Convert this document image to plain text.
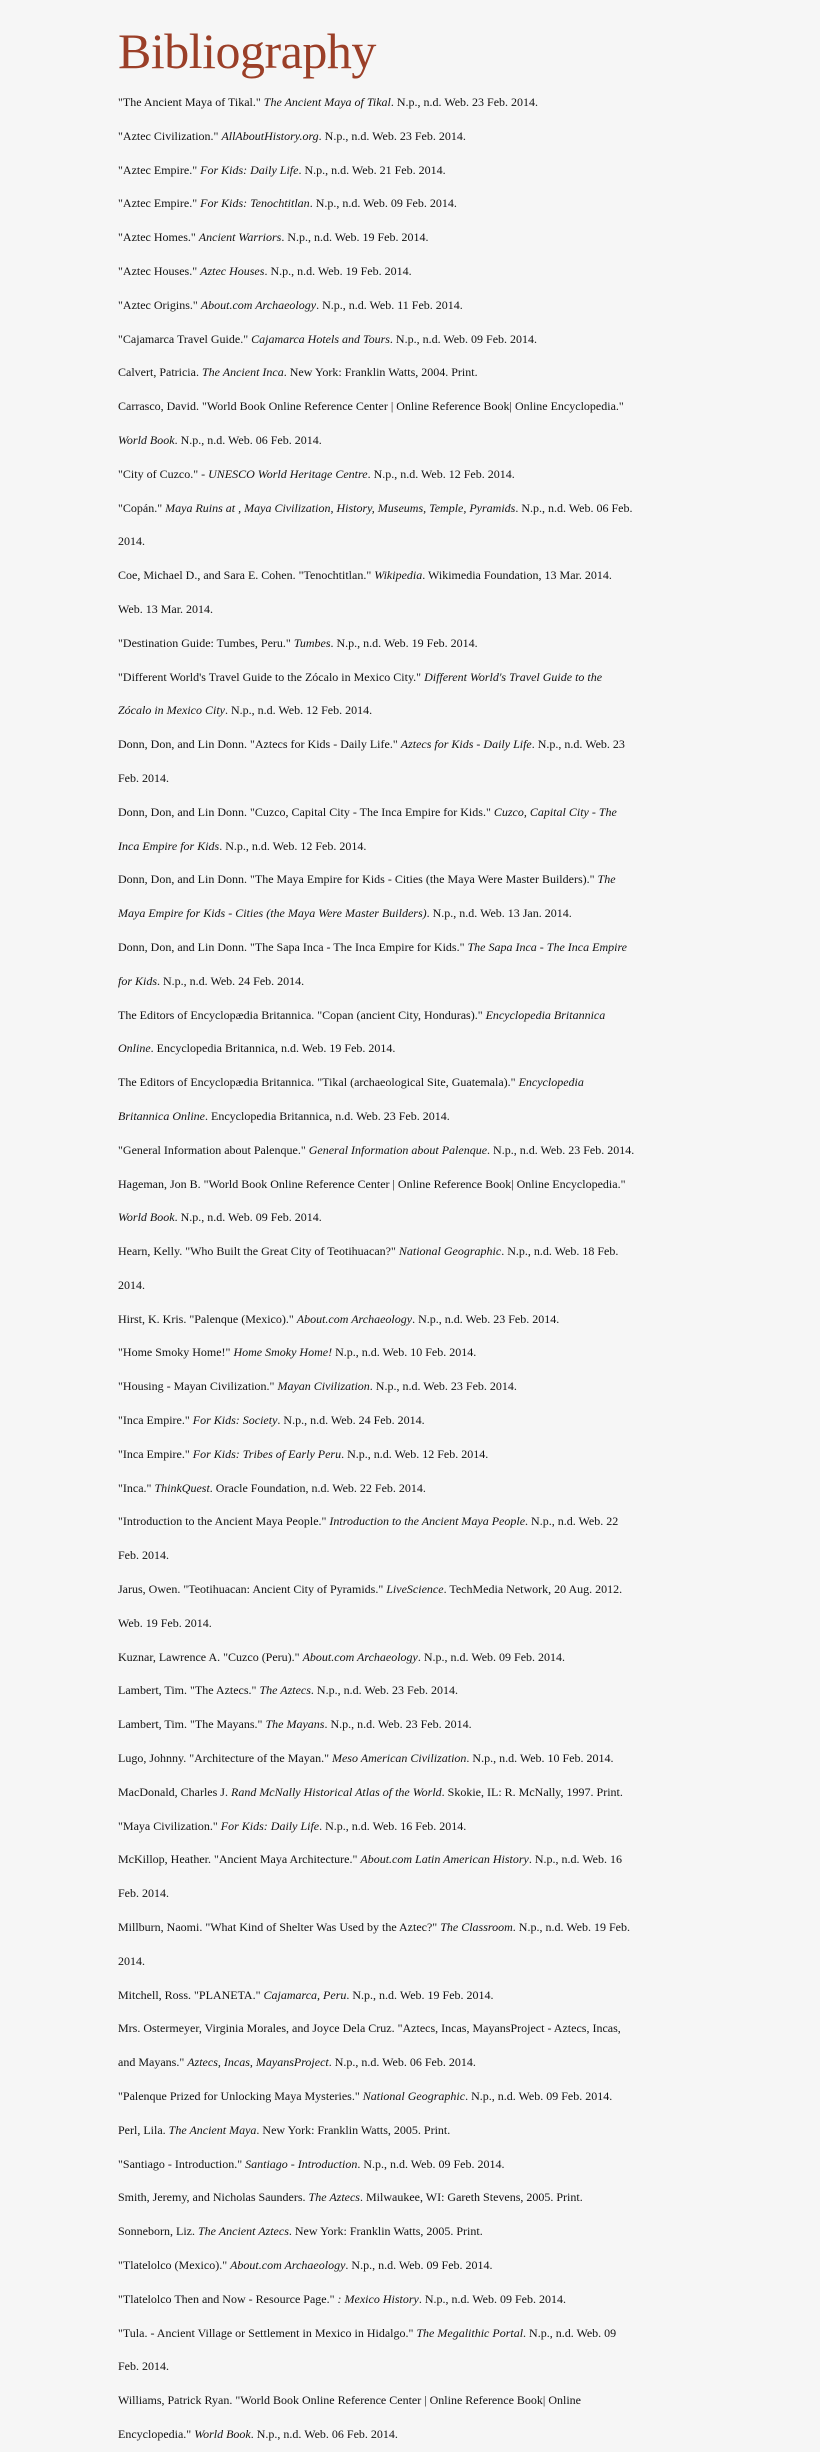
Bibliography

"The Ancient Maya of Tikal." The Ancient Maya of Tikal. N.p., n.d. Web. 23 Feb. 2014.

"Aztec Civilization." AllAboutHistory.org. N.p., n.d. Web. 23 Feb. 2014.

"Aztec Empire." For Kids: Daily Life. N.p., n.d. Web. 21 Feb. 2014.

"Aztec Empire." For Kids: Tenochtitlan. N.p., n.d. Web. 09 Feb. 2014.

"Aztec Homes." Ancient Warriors. N.p., n.d. Web. 19 Feb. 2014.

"Aztec Houses." Aztec Houses. N.p., n.d. Web. 19 Feb. 2014.

"Aztec Origins." About.com Archaeology. N.p., n.d. Web. 11 Feb. 2014.

"Cajamarca Travel Guide." Cajamarca Hotels and Tours. N.p., n.d. Web. 09 Feb. 2014.

Calvert, Patricia. The Ancient Inca. New York: Franklin Watts, 2004. Print.

Carrasco, David. "World Book Online Reference Center | Online Reference Book| Online Encyclopedia." World Book. N.p., n.d. Web. 06 Feb. 2014.

"City of Cuzco." - UNESCO World Heritage Centre. N.p., n.d. Web. 12 Feb. 2014.

"Copán." Maya Ruins at , Maya Civilization, History, Museums, Temple, Pyramids. N.p., n.d. Web. 06 Feb. 2014.

Coe, Michael D., and Sara E. Cohen. "Tenochtitlan." Wikipedia. Wikimedia Foundation, 13 Mar. 2014. Web. 13 Mar. 2014.

"Destination Guide: Tumbes, Peru." Tumbes. N.p., n.d. Web. 19 Feb. 2014.

"Different World's Travel Guide to the Zócalo in Mexico City." Different World's Travel Guide to the Zócalo in Mexico City. N.p., n.d. Web. 12 Feb. 2014.

Donn, Don, and Lin Donn. "Aztecs for Kids - Daily Life." Aztecs for Kids - Daily Life. N.p., n.d. Web. 23 Feb. 2014.

Donn, Don, and Lin Donn. "Cuzco, Capital City - The Inca Empire for Kids." Cuzco, Capital City - The Inca Empire for Kids. N.p., n.d. Web. 12 Feb. 2014.

Donn, Don, and Lin Donn. "The Maya Empire for Kids - Cities (the Maya Were Master Builders)." The Maya Empire for Kids - Cities (the Maya Were Master Builders). N.p., n.d. Web. 13 Jan. 2014.

Donn, Don, and Lin Donn. "The Sapa Inca - The Inca Empire for Kids." The Sapa Inca - The Inca Empire for Kids. N.p., n.d. Web. 24 Feb. 2014.

The Editors of Encyclopædia Britannica. "Copan (ancient City, Honduras)." Encyclopedia Britannica Online. Encyclopedia Britannica, n.d. Web. 19 Feb. 2014.

The Editors of Encyclopædia Britannica. "Tikal (archaeological Site, Guatemala)." Encyclopedia Britannica Online. Encyclopedia Britannica, n.d. Web. 23 Feb. 2014.

"General Information about Palenque." General Information about Palenque. N.p., n.d. Web. 23 Feb. 2014.

Hageman, Jon B. "World Book Online Reference Center | Online Reference Book| Online Encyclopedia." World Book. N.p., n.d. Web. 09 Feb. 2014.

Hearn, Kelly. "Who Built the Great City of Teotihuacan?" National Geographic. N.p., n.d. Web. 18 Feb. 2014.

Hirst, K. Kris. "Palenque (Mexico)." About.com Archaeology. N.p., n.d. Web. 23 Feb. 2014.

"Home Smoky Home!" Home Smoky Home! N.p., n.d. Web. 10 Feb. 2014.

"Housing - Mayan Civilization." Mayan Civilization. N.p., n.d. Web. 23 Feb. 2014.

"Inca Empire." For Kids: Society. N.p., n.d. Web. 24 Feb. 2014.

"Inca Empire." For Kids: Tribes of Early Peru. N.p., n.d. Web. 12 Feb. 2014.

"Inca." ThinkQuest. Oracle Foundation, n.d. Web. 22 Feb. 2014.

"Introduction to the Ancient Maya People." Introduction to the Ancient Maya People. N.p., n.d. Web. 22 Feb. 2014.

Jarus, Owen. "Teotihuacan: Ancient City of Pyramids." LiveScience. TechMedia Network, 20 Aug. 2012. Web. 19 Feb. 2014.

Kuznar, Lawrence A. "Cuzco (Peru)." About.com Archaeology. N.p., n.d. Web. 09 Feb. 2014.

Lambert, Tim. "The Aztecs." The Aztecs. N.p., n.d. Web. 23 Feb. 2014.

Lambert, Tim. "The Mayans." The Mayans. N.p., n.d. Web. 23 Feb. 2014.

Lugo, Johnny. "Architecture of the Mayan." Meso American Civilization. N.p., n.d. Web. 10 Feb. 2014.

MacDonald, Charles J. Rand McNally Historical Atlas of the World. Skokie, IL: R. McNally, 1997. Print.

"Maya Civilization." For Kids: Daily Life. N.p., n.d. Web. 16 Feb. 2014.

McKillop, Heather. "Ancient Maya Architecture." About.com Latin American History. N.p., n.d. Web. 16 Feb. 2014.

Millburn, Naomi. "What Kind of Shelter Was Used by the Aztec?" The Classroom. N.p., n.d. Web. 19 Feb. 2014.

Mitchell, Ross. "PLANETA." Cajamarca, Peru. N.p., n.d. Web. 19 Feb. 2014.

Mrs. Ostermeyer, Virginia Morales, and Joyce Dela Cruz. "Aztecs, Incas, MayansProject - Aztecs, Incas, and Mayans." Aztecs, Incas, MayansProject. N.p., n.d. Web. 06 Feb. 2014.

"Palenque Prized for Unlocking Maya Mysteries." National Geographic. N.p., n.d. Web. 09 Feb. 2014.

Perl, Lila. The Ancient Maya. New York: Franklin Watts, 2005. Print.

"Santiago - Introduction." Santiago - Introduction. N.p., n.d. Web. 09 Feb. 2014.

Smith, Jeremy, and Nicholas Saunders. The Aztecs. Milwaukee, WI: Gareth Stevens, 2005. Print.

Sonneborn, Liz. The Ancient Aztecs. New York: Franklin Watts, 2005. Print.

"Tlatelolco (Mexico)." About.com Archaeology. N.p., n.d. Web. 09 Feb. 2014.

"Tlatelolco Then and Now - Resource Page." : Mexico History. N.p., n.d. Web. 09 Feb. 2014.

"Tula. - Ancient Village or Settlement in Mexico in Hidalgo." The Megalithic Portal. N.p., n.d. Web. 09 Feb. 2014.

Williams, Patrick Ryan. "World Book Online Reference Center | Online Reference Book| Online Encyclopedia." World Book. N.p., n.d. Web. 06 Feb. 2014.
